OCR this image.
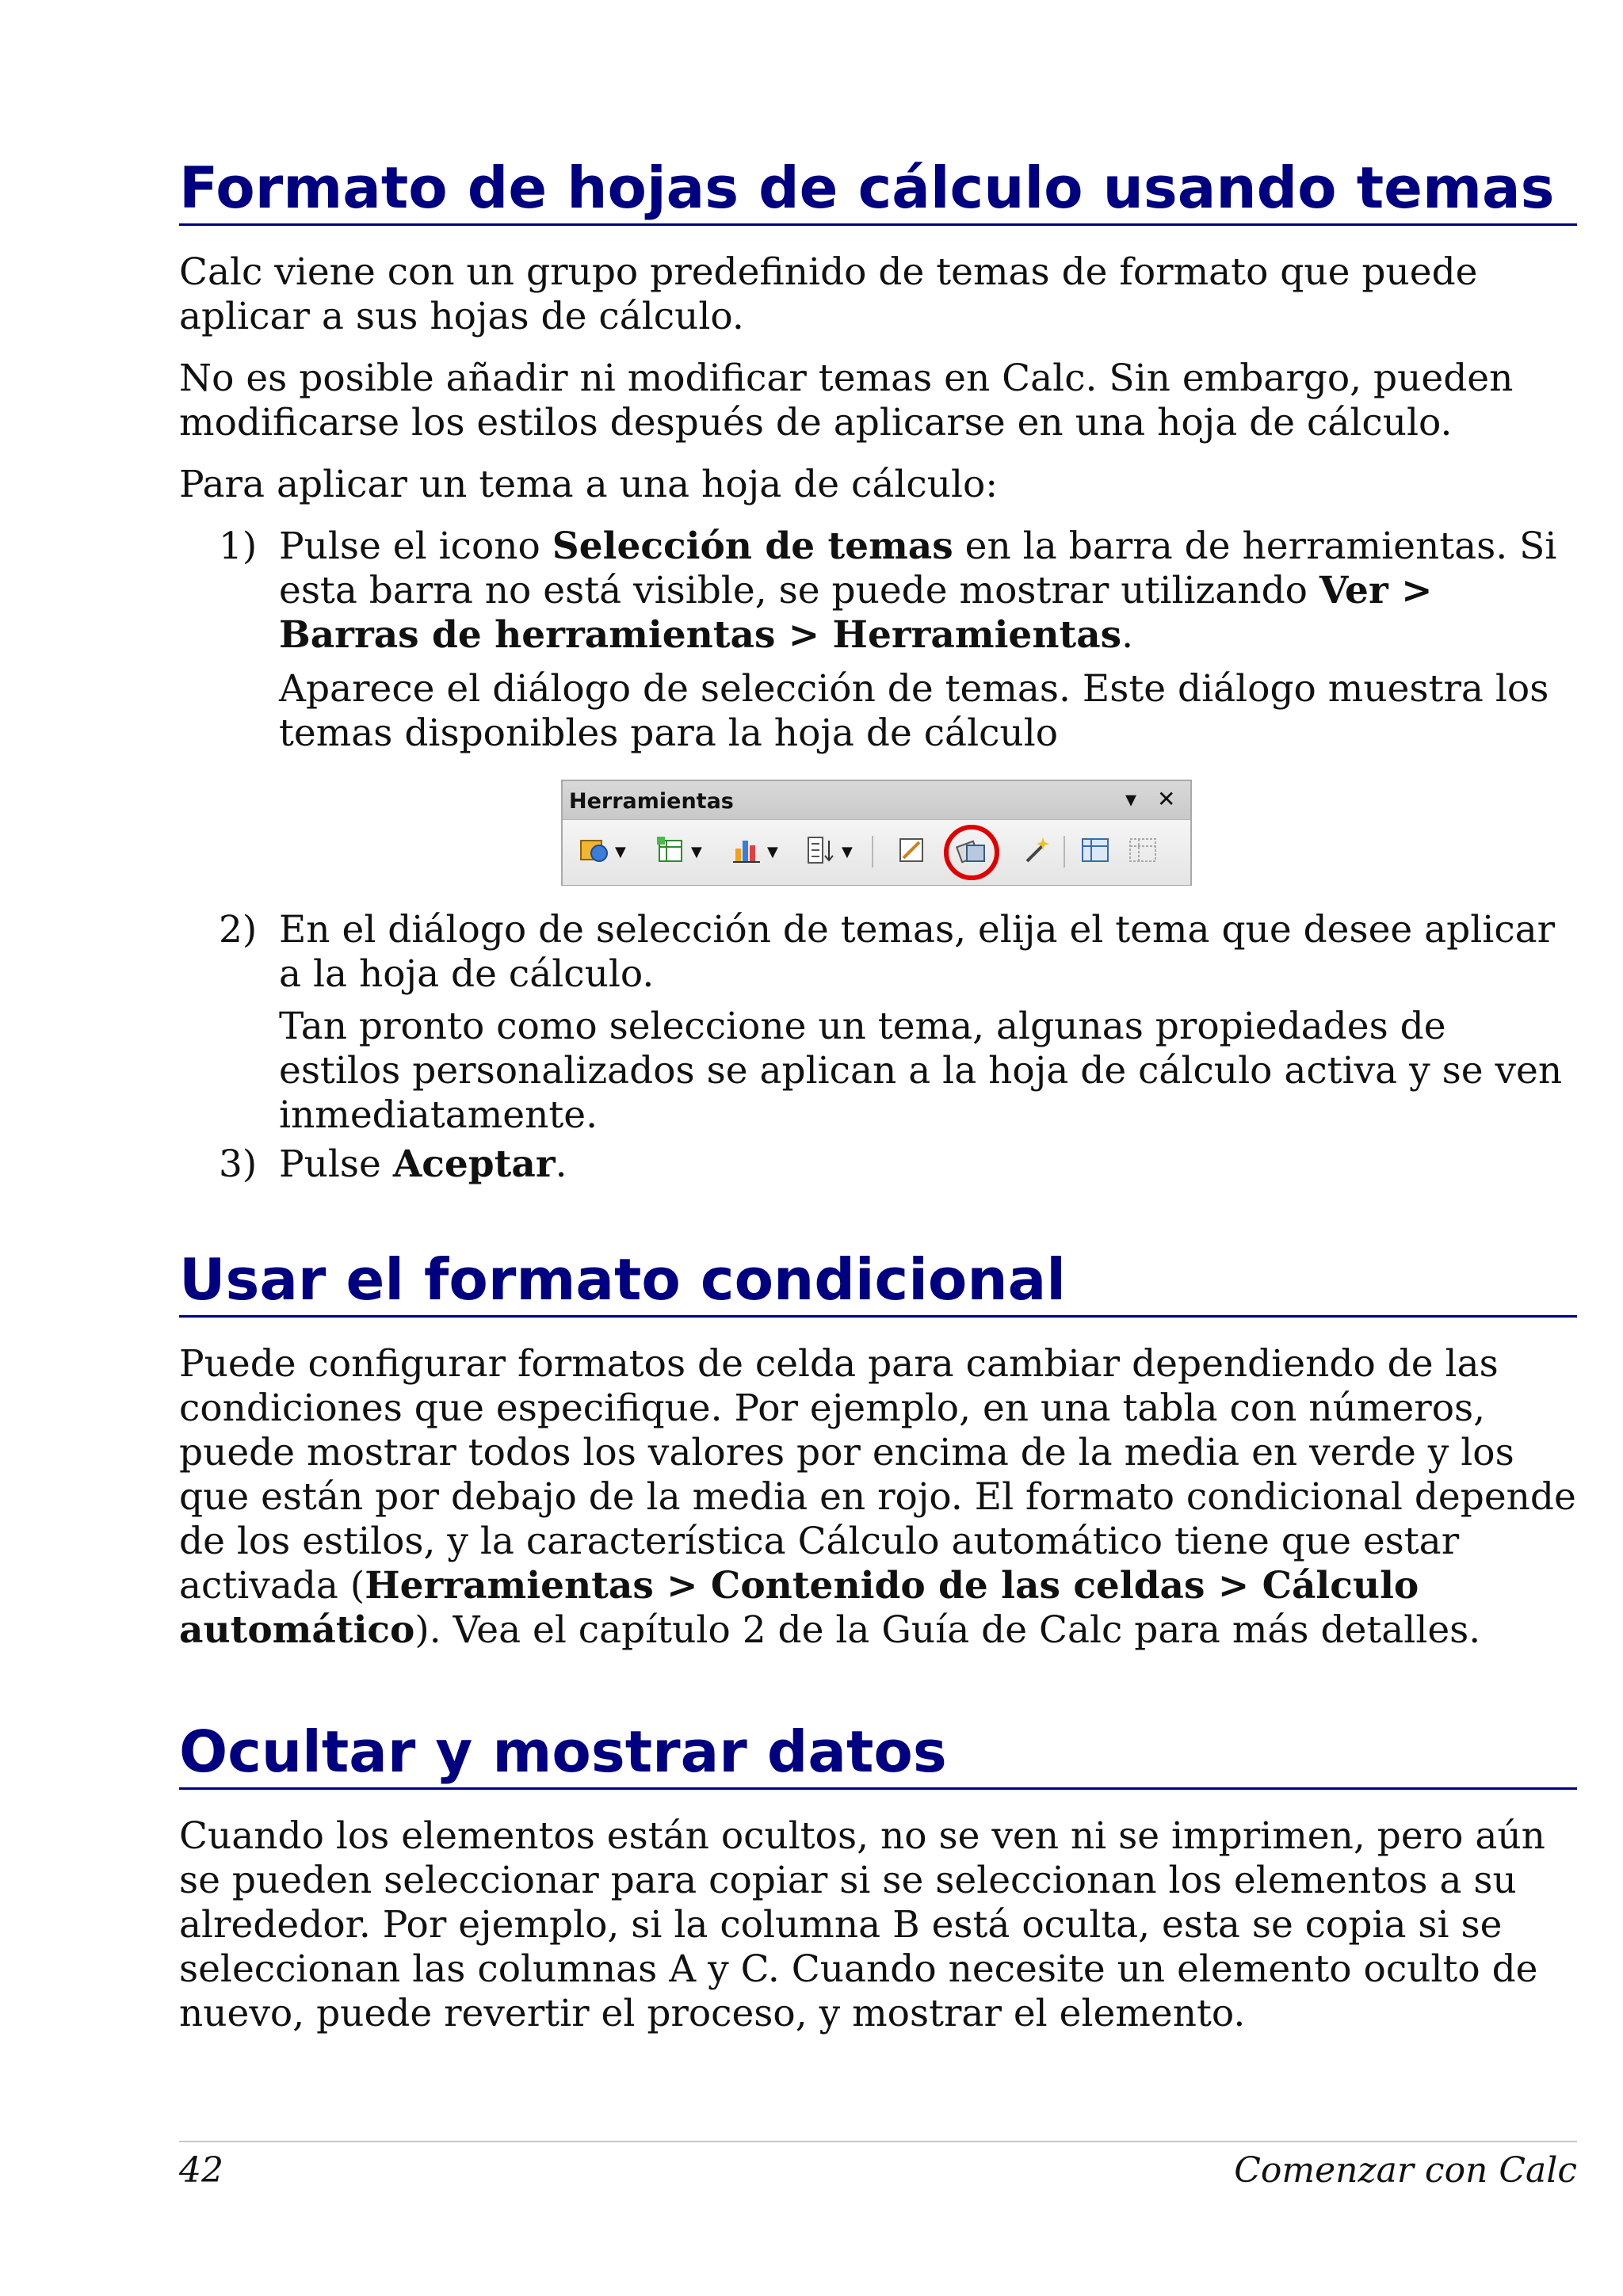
Formato de hojas de cálculo usando temas

Calc viene con un grupo predefinido de temas de formato que puede aplicar a sus hojas de cálculo.

No es posible añadir ni modificar temas en Calc. Sin embargo, pueden modificarse los estilos después de aplicarse en una hoja de cálculo.

Para aplicar un tema a una hoja de cálculo:

1) Pulse el icono Selección de temas en la barra de herramientas. Si esta barra no está visible, se puede mostrar utilizando Ver > Barras de herramientas > Herramientas.
Aparece el diálogo de selección de temas. Este diálogo muestra los temas disponibles para la hoja de cálculo
2) En el diálogo de selección de temas, elija el tema que desee aplicar a la hoja de cálculo.
Tan pronto como seleccione un tema, algunas propiedades de estilos personalizados se aplican a la hoja de cálculo activa y se ven inmediatamente.
3) Pulse Aceptar.
Usar el formato condicional

Puede configurar formatos de celda para cambiar dependiendo de las condiciones que especifique. Por ejemplo, en una tabla con números, puede mostrar todos los valores por encima de la media en verde y los que están por debajo de la media en rojo. El formato condicional depende de los estilos, y la característica Cálculo automático tiene que estar activada (Herramientas > Contenido de las celdas > Cálculo automático). Vea el capítulo 2 de la Guía de Calc para más detalles.

Ocultar y mostrar datos

Cuando los elementos están ocultos, no se ven ni se imprimen, pero aún se pueden seleccionar para copiar si se seleccionan los elementos a su alrededor. Por ejemplo, si la columna B está oculta, esta se copia si se seleccionan las columnas A y C. Cuando necesite un elemento oculto de nuevo, puede revertir el proceso, y mostrar el elemento.

Herramientas	▾ ✕
▼	▼	▼	▼
42	Comenzar con Calc
